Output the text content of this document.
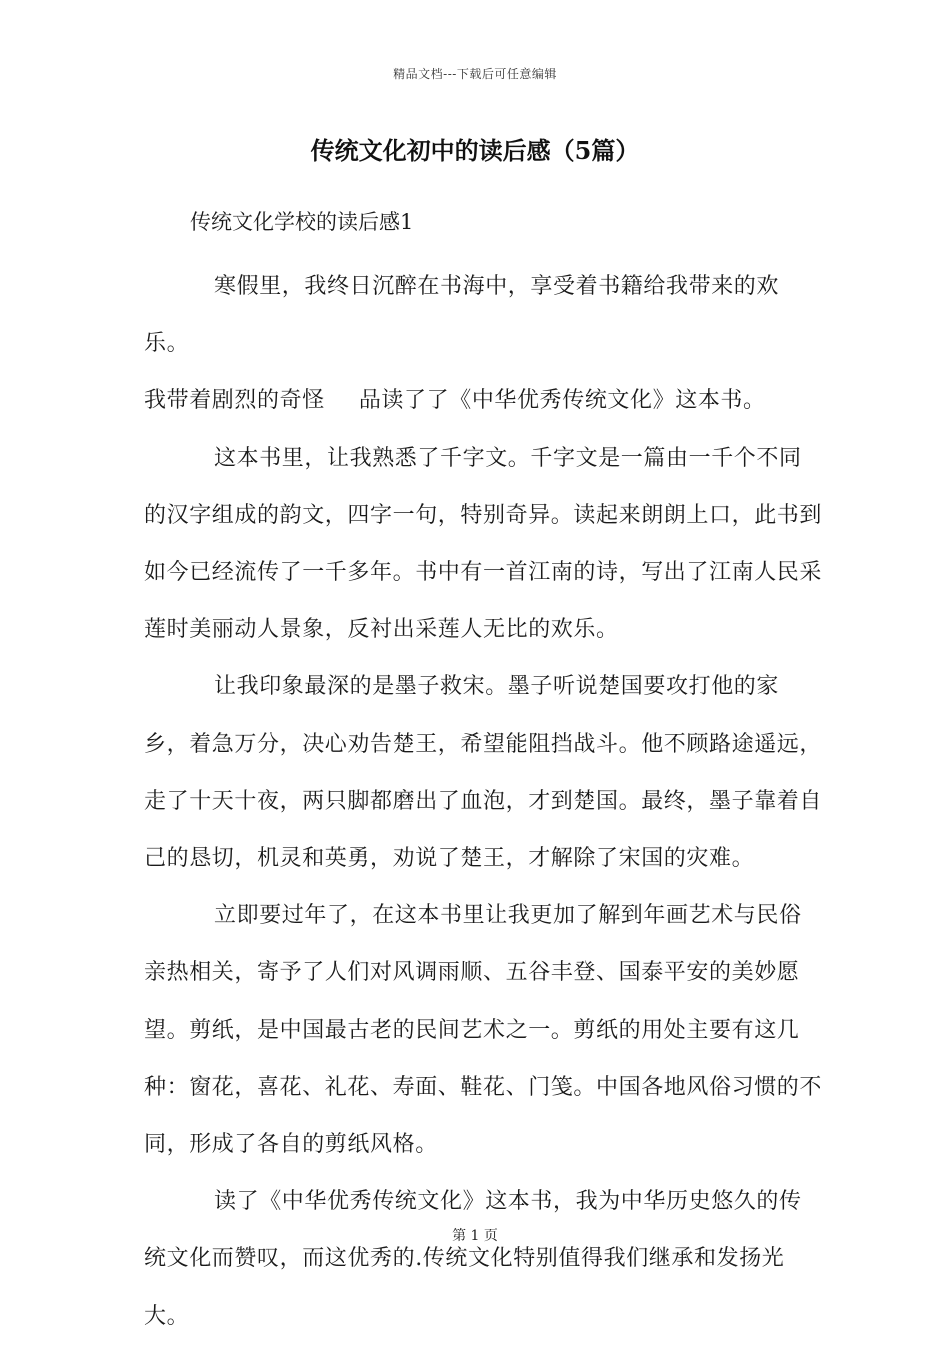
精品文档---下载后可任意编辑
传统文化初中的读后感（5篇）
传统文化学校的读后感1

寒假里，我终日沉醉在书海中，享受着书籍给我带来的欢乐。

我带着剧烈的奇怪 品读了了《中华优秀传统文化》这本书。

这本书里，让我熟悉了千字文。千字文是一篇由一千个不同的汉字组成的韵文，四字一句，特别奇异。读起来朗朗上口，此书到如今已经流传了一千多年。书中有一首江南的诗，写出了江南人民采莲时美丽动人景象，反衬出采莲人无比的欢乐。

让我印象最深的是墨子救宋。墨子听说楚国要攻打他的家乡，着急万分，决心劝告楚王，希望能阻挡战斗。他不顾路途遥远，走了十天十夜，两只脚都磨出了血泡，才到楚国。最终，墨子靠着自己的恳切，机灵和英勇，劝说了楚王，才解除了宋国的灾难。

立即要过年了，在这本书里让我更加了解到年画艺术与民俗亲热相关，寄予了人们对风调雨顺、五谷丰登、国泰平安的美妙愿望。剪纸，是中国最古老的民间艺术之一。剪纸的用处主要有这几种：窗花，喜花、礼花、寿面、鞋花、门笺。中国各地风俗习惯的不同，形成了各自的剪纸风格。

读了《中华优秀传统文化》这本书，我为中华历史悠久的传统文化而赞叹，而这优秀的.传统文化特别值得我们继承和发扬光大。

第 1 页
